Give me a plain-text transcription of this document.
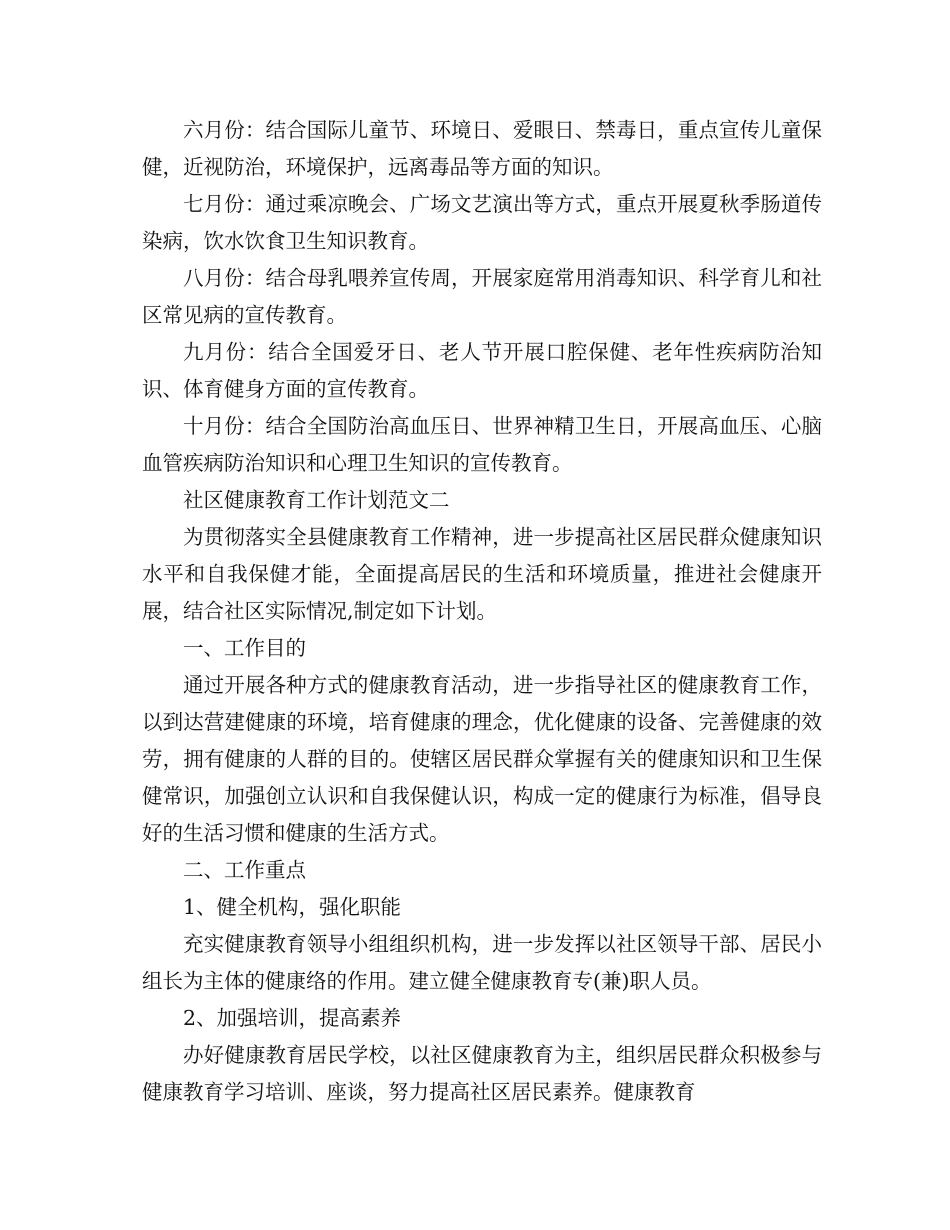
六月份：结合国际儿童节、环境日、爱眼日、禁毒日，重点宣传儿童保健，近视防治，环境保护，远离毒品等方面的知识。

七月份：通过乘凉晚会、广场文艺演出等方式，重点开展夏秋季肠道传染病，饮水饮食卫生知识教育。

八月份：结合母乳喂养宣传周，开展家庭常用消毒知识、科学育儿和社区常见病的宣传教育。

九月份：结合全国爱牙日、老人节开展口腔保健、老年性疾病防治知识、体育健身方面的宣传教育。

十月份：结合全国防治高血压日、世界神精卫生日，开展高血压、心脑血管疾病防治知识和心理卫生知识的宣传教育。

社区健康教育工作计划范文二

为贯彻落实全县健康教育工作精神，进一步提高社区居民群众健康知识水平和自我保健才能，全面提高居民的生活和环境质量，推进社会健康开展，结合社区实际情况,制定如下计划。

一、工作目的

通过开展各种方式的健康教育活动，进一步指导社区的健康教育工作，以到达营建健康的环境，培育健康的理念，优化健康的设备、完善健康的效劳，拥有健康的人群的目的。使辖区居民群众掌握有关的健康知识和卫生保健常识，加强创立认识和自我保健认识，构成一定的健康行为标准，倡导良好的生活习惯和健康的生活方式。

二、工作重点

1、健全机构，强化职能

充实健康教育领导小组组织机构，进一步发挥以社区领导干部、居民小组长为主体的健康络的作用。建立健全健康教育专(兼)职人员。

2、加强培训，提高素养

办好健康教育居民学校，以社区健康教育为主，组织居民群众积极参与健康教育学习培训、座谈，努力提高社区居民素养。健康教育
